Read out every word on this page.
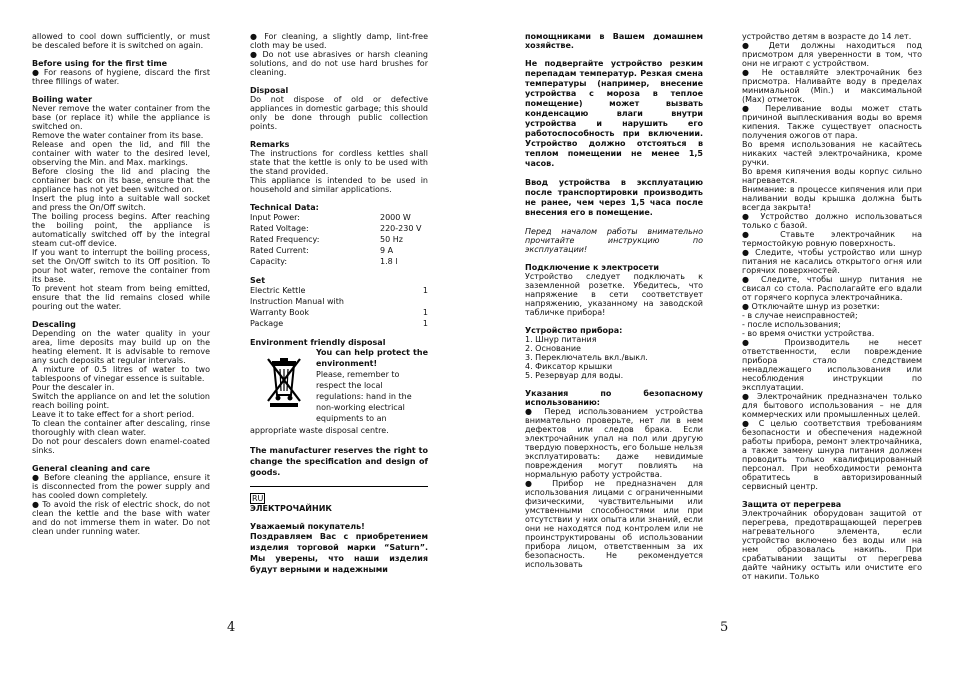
allowed to cool down sufficiently, or must be descaled before it is switched on again.

Before using for the first time

● For reasons of hygiene, discard the first three fillings of water.

Boiling water

Never remove the water container from the base (or replace it) while the appliance is switched on.

Remove the water container from its base.

Release and open the lid, and fill the container with water to the desired level, observing the Min. and Max. markings.

Before closing the lid and placing the container back on its base, ensure that the appliance has not yet been switched on.

Insert the plug into a suitable wall socket and press the On/Off switch.

The boiling process begins. After reaching the boiling point, the appliance is automatically switched off by the integral steam cut-off device.

If you want to interrupt the boiling process, set the On/Off switch to its Off position. To pour hot water, remove the container from its base.

To prevent hot steam from being emitted, ensure that the lid remains closed while pouring out the water.

Descaling

Depending on the water quality in your area, lime deposits may build up on the heating element. It is advisable to remove any such deposits at regular intervals.

A mixture of 0.5 litres of water to two tablespoons of vinegar essence is suitable.

Pour the descaler in.

Switch the appliance on and let the solution reach boiling point.

Leave it to take effect for a short period.

To clean the container after descaling, rinse thoroughly with clean water.

Do not pour descalers down enamel-coated sinks.

General cleaning and care

● Before cleaning the appliance, ensure it is disconnected from the power supply and has cooled down completely.

● To avoid the risk of electric shock, do not clean the kettle and the base with water and do not immerse them in water. Do not clean under running water.

● For cleaning, a slightly damp, lint-free cloth may be used.

● Do not use abrasives or harsh cleaning solutions, and do not use hard brushes for cleaning.

Disposal

Do not dispose of old or defective appliances in domestic garbage; this should only be done through public collection points.

Remarks

The instructions for cordless kettles shall state that the kettle is only to be used with the stand provided.

This appliance is intended to be used in household and similar applications.

Technical Data:
Input Power:	2000 W
Rated Voltage:	220-230 V
Rated Frequency:	50 Hz
Rated Current:	9 A
Capacity:	1.8 l
Set
Electric Kettle	1
Instruction Manual with	
Warranty Book	1
Package	1
Environment friendly disposal

You can help protect the environment!

Please, remember to respect the local regulations: hand in the non-working electrical equipments to an

appropriate waste disposal centre.

The manufacturer reserves the right to change the specification and design of goods.

RU
ЭЛЕКТРОЧАЙНИК
Уважаемый покупатель!

Поздравляем Вас с приобретением изделия торговой марки “Saturn”. Мы уверены, что наши изделия будут верными и надежными

помощниками в Вашем домашнем хозяйстве.

Не подвергайте устройство резким перепадам температур. Резкая смена температуры (например, внесение устройства с мороза в теплое помещение) может вызвать конденсацию влаги внутри устройства и нарушить его работоспособность при включении. Устройство должно отстояться в теплом помещении не менее 1,5 часов.

Ввод устройства в эксплуатацию после транспортировки производить не ранее, чем через 1,5 часа после внесения его в помещение.

Перед началом работы внимательно прочитайте инструкцию по эксплуатации!

Подключение к электросети

Устройство следует подключать к заземленной розетке. Убедитесь, что напряжение в сети соответствует напряжению, указанному на заводской табличке прибора!

Устройство прибора:

1. Шнур питания

2. Основание

3. Переключатель вкл./выкл.

4. Фиксатор крышки

5. Резервуар для воды.

Указания по безопасному использованию:

● Перед использованием устройства внимательно проверьте, нет ли в нем дефектов или следов брака. Если электрочайник упал на пол или другую твердую поверхность, его больше нельзя эксплуатировать: даже невидимые повреждения могут повлиять на нормальную работу устройства.

● Прибор не предназначен для использования лицами с ограниченными физическими, чувствительными или умственными способностями или при отсутствии у них опыта или знаний, если они не находятся под контролем или не проинструктированы об использовании прибора лицом, ответственным за их безопасность. Не рекомендуется использовать

устройство детям в возрасте до 14 лет.

● Дети должны находиться под присмотром для уверенности в том, что они не играют с устройством.

● Не оставляйте электрочайник без присмотра. Наливайте воду в пределах минимальной (Min.) и максимальной (Max) отметок.

● Переливание воды может стать причиной выплескивания воды во время кипения. Также существует опасность получения ожогов от пара.

Во время использования не касайтесь никаких частей электрочайника, кроме ручки.

Во время кипячения воды корпус сильно нагревается.

Внимание: в процессе кипячения или при наливании воды крышка должна быть всегда закрыта!

● Устройство должно использоваться только с базой.

● Ставьте электрочайник на термостойкую ровную поверхность.

● Следите, чтобы устройство или шнур питания не касались открытого огня или горячих поверхностей.

● Следите, чтобы шнур питания не свисал со стола. Располагайте его вдали от горячего корпуса электрочайника.

● Отключайте шнур из розетки:

- в случае неисправностей;

- после использования;

- во время очистки устройства.

● Производитель не несет ответственности, если повреждение прибора стало следствием ненадлежащего использования или несоблюдения инструкции по эксплуатации.

● Электрочайник предназначен только для бытового использования – не для коммерческих или промышленных целей.

● С целью соответствия требованиям безопасности и обеспечения надежной работы прибора, ремонт электрочайника, а также замену шнура питания должен проводить только квалифицированный персонал. При необходимости ремонта обратитесь в авторизированный сервисный центр.

Защита от перегрева

Электрочайник оборудован защитой от перегрева, предотвращающей перегрев нагревательного элемента, если устройство включено без воды или на нем образовалась накипь. При срабатывании защиты от перегрева дайте чайнику остыть или очистите его от накипи. Только

4	5
